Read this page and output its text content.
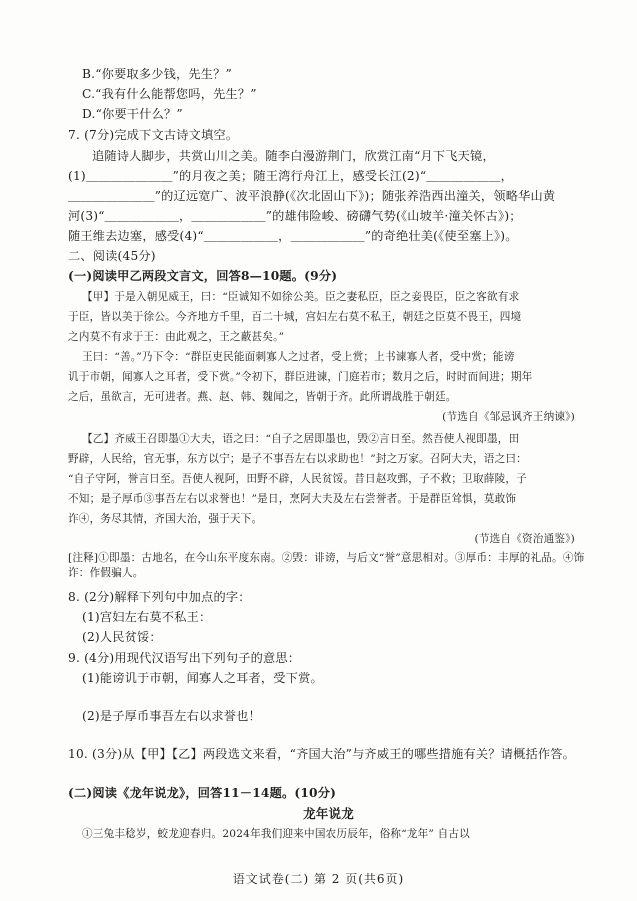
B.“你要取多少钱，先生？”
C.“我有什么能帮您吗，先生？”
D.“你要干什么？”
7. (7分)完成下文古诗文填空。
追随诗人脚步，共赏山川之美。随李白漫游荆门，欣赏江南“月下飞天镜，
(1)＿＿＿＿＿＿＿”的月夜之美；随王湾行舟江上，感受长江(2)“＿＿＿＿＿＿，
＿＿＿＿＿＿＿”的辽远宽广、波平浪静(《次北固山下》)；随张养浩西出潼关，领略华山黄
河(3)“＿＿＿＿＿＿，＿＿＿＿＿＿”的雄伟险峻、磅礴气势(《山坡羊·潼关怀古》)；
随王维去边塞，感受(4)“＿＿＿＿＿＿，＿＿＿＿＿＿”的奇绝壮美(《使至塞上》)。
二、阅读(45分)
(一)阅读甲乙两段文言文，回答8—10题。(9分)
【甲】于是入朝见威王，曰：“臣诚知不如徐公美。臣之妻私臣，臣之妾畏臣，臣之客欲有求
于臣，皆以美于徐公。今齐地方千里，百二十城，宫妇左右莫不私王，朝廷之臣莫不畏王，四境
之内莫不有求于王：由此观之，王之蔽甚矣。”
王曰：“善。”乃下令：“群臣吏民能面刺寡人之过者，受上赏；上书谏寡人者，受中赏；能谤
讥于市朝，闻寡人之耳者，受下赏。”令初下，群臣进谏，门庭若市；数月之后，时时而间进；期年
之后，虽欲言，无可进者。燕、赵、韩、魏闻之，皆朝于齐。此所谓战胜于朝廷。
(节选自《邹忌讽齐王纳谏》)
【乙】齐威王召即墨①大夫，语之曰：“自子之居即墨也，毁②言日至。然吾使人视即墨，田
野辟，人民给，官无事，东方以宁；是子不事吾左右以求助也！”封之万家。召阿大夫，语之曰：
“自子守阿，誉言日至。吾使人视阿，田野不辟，人民贫馁。昔日赵攻鄄，子不救；卫取薛陵，子
不知；是子厚币③事吾左右以求誉也！”是日，烹阿大夫及左右尝誉者。于是群臣耸惧，莫敢饰
诈④，务尽其情，齐国大治，强于天下。
(节选自《资治通鉴》)
[注释]①即墨：古地名，在今山东平度东南。②毁：诽谤，与后文“誉”意思相对。③厚币：丰厚的礼品。④饰诈：作假骗人。
8. (2分)解释下列句中加点的字：
(1)宫妇左右莫不私王：
(2)人民贫馁：
9. (4分)用现代汉语写出下列句子的意思：
(1)能谤讥于市朝，闻寡人之耳者，受下赏。
(2)是子厚币事吾左右以求誉也！
10. (3分)从【甲】【乙】两段选文来看，“齐国大治”与齐威王的哪些措施有关？请概括作答。
(二)阅读《龙年说龙》，回答11－14题。(10分)
龙年说龙
①三兔丰稔岁，蛟龙迎春归。2024年我们迎来中国农历辰年，俗称“龙年” 自古以
语文试卷(二) 第 2 页(共6页)
